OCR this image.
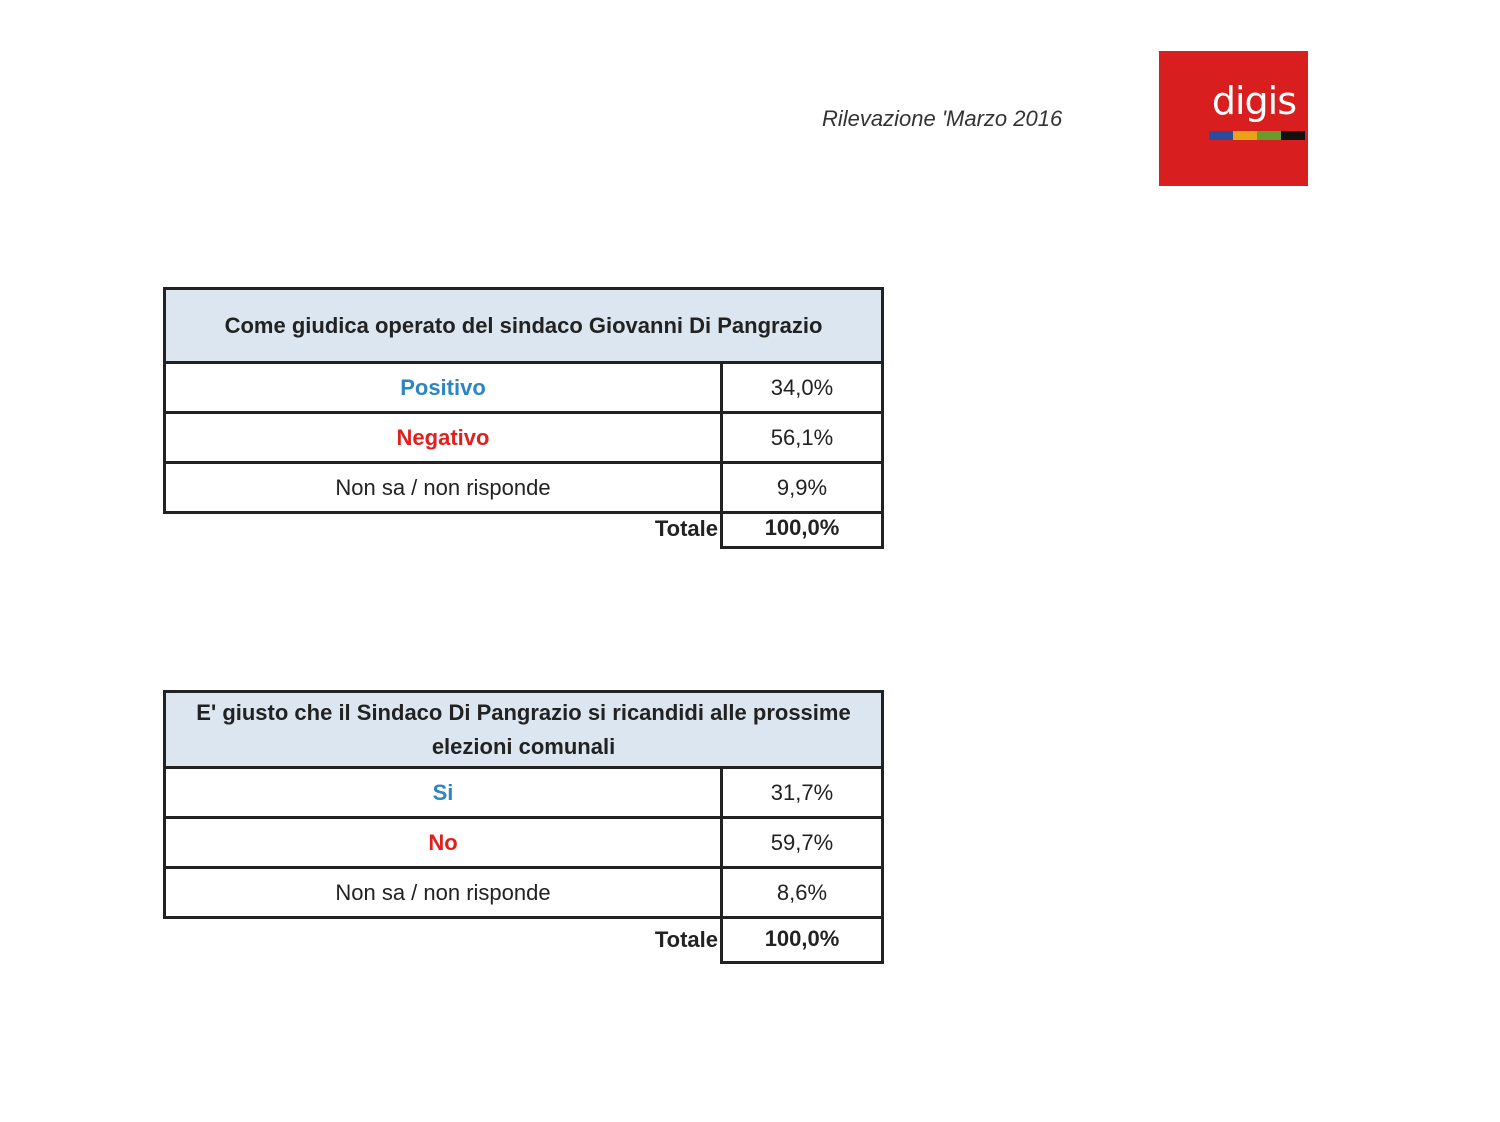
Rilevazione 'Marzo 2016	digis
Come giudica operato del sindaco Giovanni Di Pangrazio
Positivo	34,0%
Negativo	56,1%
Non sa / non risponde	9,9%
Totale	100,0%
E' giusto che il Sindaco Di Pangrazio si ricandidi alle prossime elezioni comunali
Si	31,7%
No	59,7%
Non sa / non risponde	8,6%
Totale	100,0%
